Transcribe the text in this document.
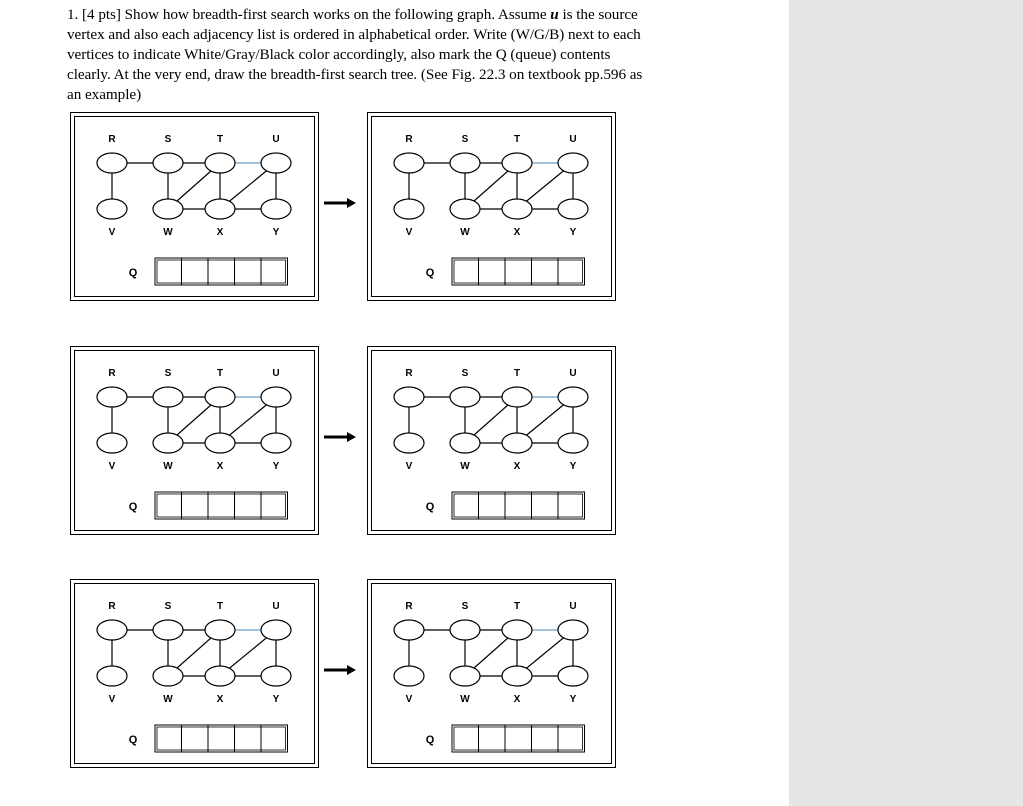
1. [4 pts] Show how breadth-first search works on the following graph. Assume u is the source
vertex and also each adjacency list is ordered in alphabetical order. Write (W/G/B) next to each
vertices to indicate White/Gray/Black color accordingly, also mark the Q (queue) contents
clearly. At the very end, draw the breadth-first search tree. (See Fig. 22.3 on textbook pp.596 as
an example)
R	S	T	U
V	W	X	Y
Q
R	S	T	U
V	W	X	Y
Q
R	S	T	U
V	W	X	Y
Q
R	S	T	U
V	W	X	Y
Q
R	S	T	U
V	W	X	Y
Q
R	S	T	U
V	W	X	Y
Q
